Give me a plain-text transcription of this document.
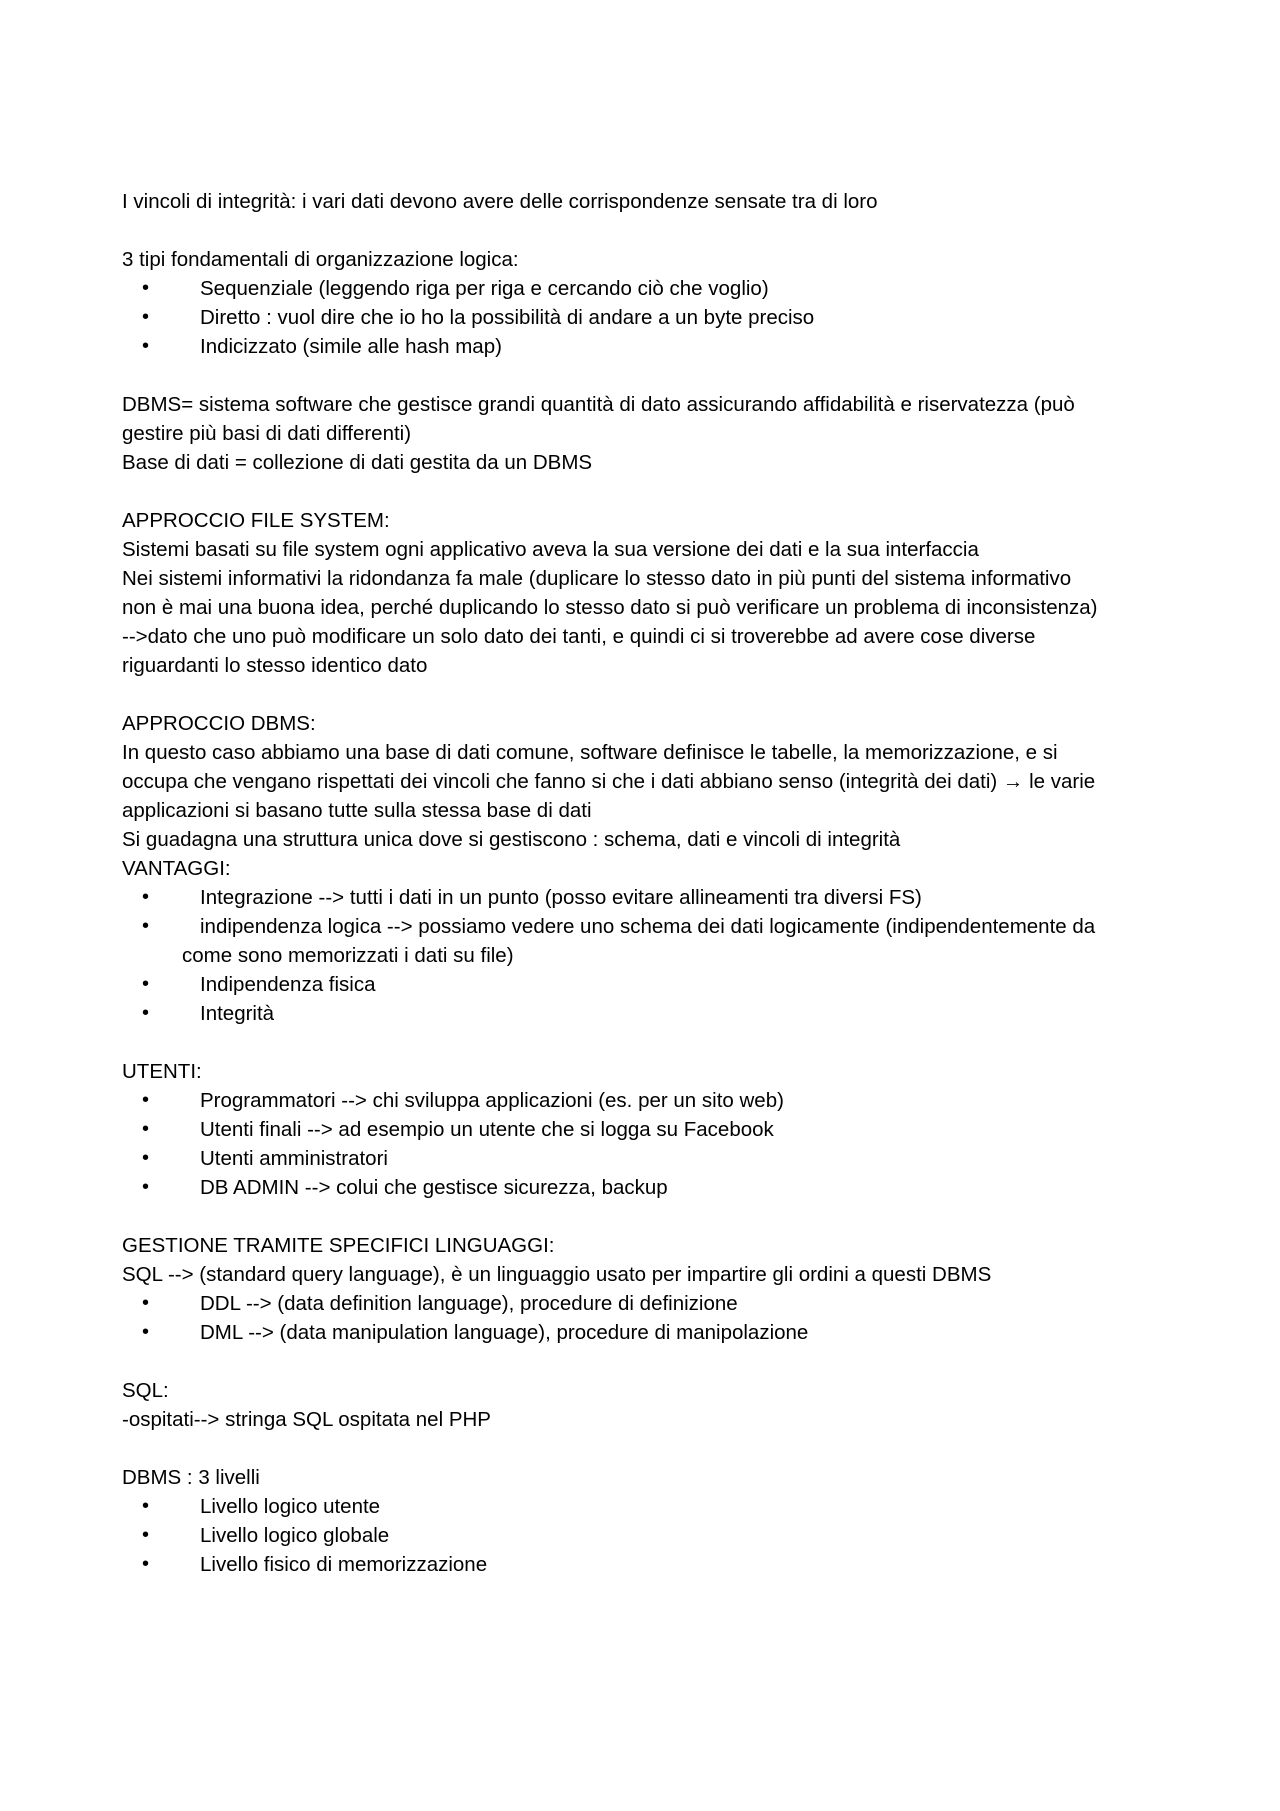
I vincoli di integrità: i vari dati devono avere delle corrispondenze sensate tra di loro

3 tipi fondamentali di organizzazione logica:

• Sequenziale (leggendo riga per riga e cercando ciò che voglio)
• Diretto : vuol dire che io ho la possibilità di andare a un byte preciso
• Indicizzato (simile alle hash map)

DBMS= sistema software che gestisce grandi quantità di dato assicurando affidabilità e riservatezza (può

gestire più basi di dati differenti)

Base di dati = collezione di dati gestita da un DBMS

APPROCCIO FILE SYSTEM:

Sistemi basati su file system ogni applicativo aveva la sua versione dei dati e la sua interfaccia

Nei sistemi informativi la ridondanza fa male (duplicare lo stesso dato in più punti del sistema informativo

non è mai una buona idea, perché duplicando lo stesso dato si può verificare un problema di inconsistenza)

-->dato che uno può modificare un solo dato dei tanti, e quindi ci si troverebbe ad avere cose diverse

riguardanti lo stesso identico dato

APPROCCIO DBMS:

In questo caso abbiamo una base di dati comune, software definisce le tabelle, la memorizzazione, e si

occupa che vengano rispettati dei vincoli che fanno si che i dati abbiano senso (integrità dei dati) → le varie

applicazioni si basano tutte sulla stessa base di dati

Si guadagna una struttura unica dove si gestiscono : schema, dati e vincoli di integrità

VANTAGGI:

• Integrazione --> tutti i dati in un punto (posso evitare allineamenti tra diversi FS)
• indipendenza logica --> possiamo vedere uno schema dei dati logicamente (indipendentemente da
come sono memorizzati i dati su file)
• Indipendenza fisica
• Integrità

UTENTI:

• Programmatori --> chi sviluppa applicazioni (es. per un sito web)
• Utenti finali --> ad esempio un utente che si logga su Facebook
• Utenti amministratori
• DB ADMIN --> colui che gestisce sicurezza, backup

GESTIONE TRAMITE SPECIFICI LINGUAGGI:

SQL --> (standard query language), è un linguaggio usato per impartire gli ordini a questi DBMS

• DDL --> (data definition language), procedure di definizione
• DML --> (data manipulation language), procedure di manipolazione

SQL:

-ospitati--> stringa SQL ospitata nel PHP

DBMS : 3 livelli

• Livello logico utente
• Livello logico globale
• Livello fisico di memorizzazione
